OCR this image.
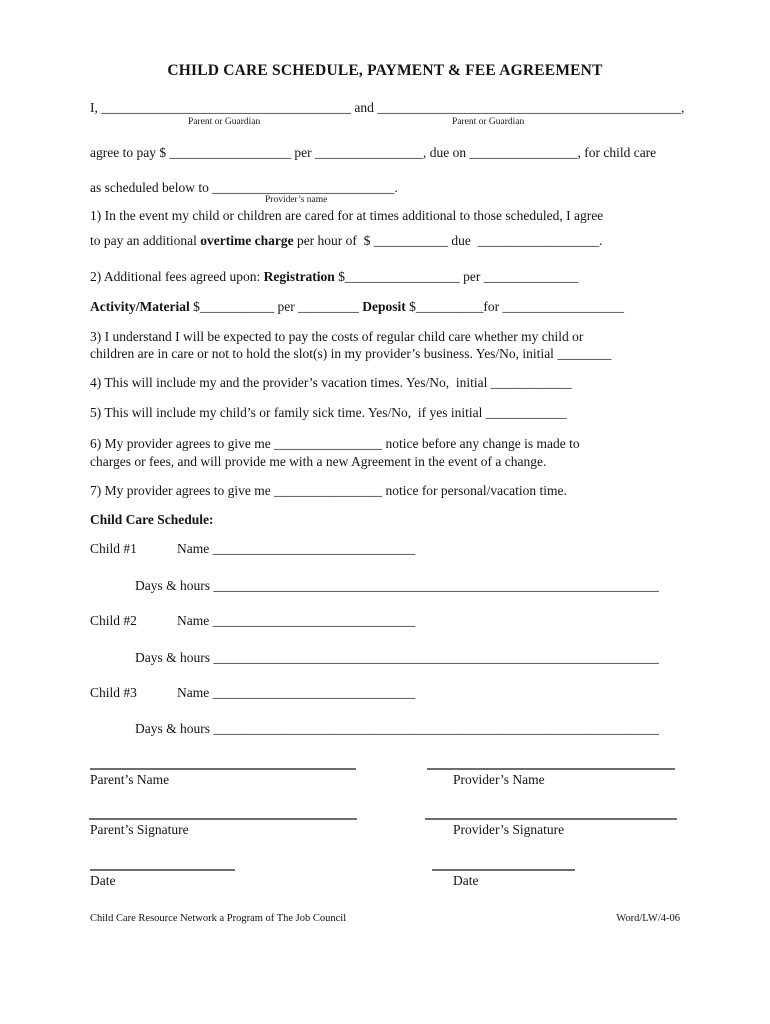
CHILD CARE SCHEDULE, PAYMENT & FEE AGREEMENT
I, _____________________________________ and _____________________________________________,
Parent or Guardian	Parent or Guardian
agree to pay $ __________________ per ________________, due on ________________, for child care
as scheduled below to ___________________________.
Provider’s name
1) In the event my child or children are cared for at times additional to those scheduled, I agree
to pay an additional overtime charge per hour of  $ ___________ due  __________________.
2) Additional fees agreed upon: Registration $_________________ per ______________
Activity/Material $___________ per _________ Deposit $__________for __________________
3) I understand I will be expected to pay the costs of regular child care whether my child or
children are in care or not to hold the slot(s) in my provider’s business. Yes/No, initial ________
4) This will include my and the provider’s vacation times. Yes/No,  initial ____________
5) This will include my child’s or family sick time. Yes/No,  if yes initial ____________
6) My provider agrees to give me ________________ notice before any change is made to
charges or fees, and will provide me with a new Agreement in the event of a change.
7) My provider agrees to give me ________________ notice for personal/vacation time.
Child Care Schedule:
Child #1	Name ______________________________
Days & hours __________________________________________________________________
Child #2	Name ______________________________
Days & hours __________________________________________________________________
Child #3	Name ______________________________
Days & hours __________________________________________________________________
Parent’s Name	Provider’s Name
Parent’s Signature	Provider’s Signature
Date	Date
Child Care Resource Network a Program of The Job Council	Word/LW/4-06
